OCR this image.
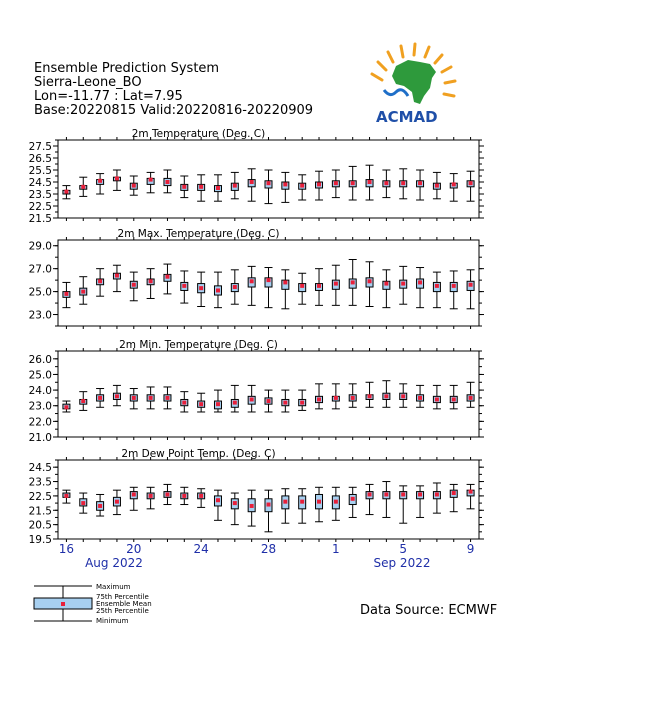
Ensemble Prediction System
Sierra-Leone_BO
Lon=-11.77 : Lat=7.95
Base:20220815 Valid:20220816-20220909	ACMAD
2m Temperature (Deg. C)
27.5
26.5
25.5
24.5
23.5
22.5
21.5
2m Max. Temperature (Deg. C)
29.0
27.0
25.0
23.0
2m Min. Temperature (Deg. C)
26.0
25.0
24.0
23.0
22.0
21.0
2m Dew Point Temp. (Deg. C)
24.5
23.5
22.5
21.5
20.5
19.5
16	20	24	28	1	5	9
Aug 2022	Sep 2022
Maximum
75th Percentile
Ensemble Mean
25th Percentile
Minimum
Data Source: ECMWF
